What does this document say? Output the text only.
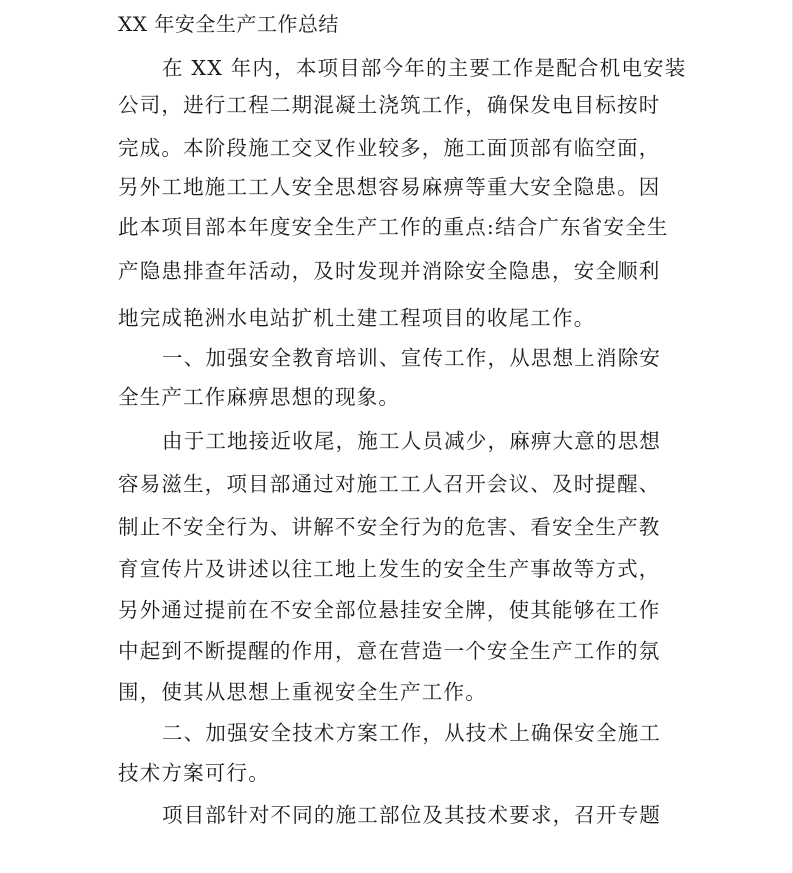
XX 年安全生产工作总结
在 XX 年内，本项目部今年的主要工作是配合机电安装
公司，进行工程二期混凝土浇筑工作，确保发电目标按时
完成。本阶段施工交叉作业较多，施工面顶部有临空面，
另外工地施工工人安全思想容易麻痹等重大安全隐患。因
此本项目部本年度安全生产工作的重点:结合广东省安全生
产隐患排查年活动，及时发现并消除安全隐患，安全顺利
地完成艳洲水电站扩机土建工程项目的收尾工作。
一、加强安全教育培训、宣传工作，从思想上消除安
全生产工作麻痹思想的现象。
由于工地接近收尾，施工人员减少，麻痹大意的思想
容易滋生，项目部通过对施工工人召开会议、及时提醒、
制止不安全行为、讲解不安全行为的危害、看安全生产教
育宣传片及讲述以往工地上发生的安全生产事故等方式，
另外通过提前在不安全部位悬挂安全牌，使其能够在工作
中起到不断提醒的作用，意在营造一个安全生产工作的氛
围，使其从思想上重视安全生产工作。
二、加强安全技术方案工作，从技术上确保安全施工
技术方案可行。
项目部针对不同的施工部位及其技术要求，召开专题
